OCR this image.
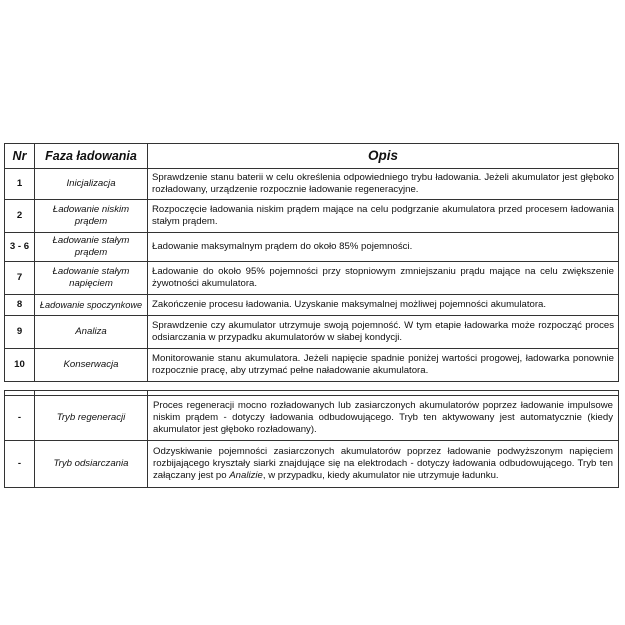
Nr	Faza ładowania	Opis
1	Inicjalizacja	Sprawdzenie stanu baterii w celu określenia odpowiedniego trybu ładowania. Jeżeli akumulator jest głęboko rozładowany, urządzenie rozpocznie ładowanie regeneracyjne.
2	Ładowanie niskim prądem	Rozpoczęcie ładowania niskim prądem mające na celu podgrzanie akumulatora przed procesem ładowania stałym prądem.
3 - 6	Ładowanie stałym prądem	Ładowanie maksymalnym prądem do około 85% pojemności.
7	Ładowanie stałym napięciem	Ładowanie do około 95% pojemności przy stopniowym zmniejszaniu prądu mające na celu zwiększenie żywotności akumulatora.
8	Ładowanie spoczynkowe	Zakończenie procesu ładowania. Uzyskanie maksymalnej możliwej pojemności akumulatora.
9	Analiza	Sprawdzenie czy akumulator utrzymuje swoją pojemność. W tym etapie ładowarka może rozpocząć proces odsiarczania w przypadku akumulatorów w słabej kondycji.
10	Konserwacja	Monitorowanie stanu akumulatora. Jeżeli napięcie spadnie poniżej wartości progowej, ładowarka ponownie rozpocznie pracę, aby utrzymać pełne naładowanie akumulatora.

-	Tryb regeneracji	Proces regeneracji mocno rozładowanych lub zasiarczonych akumulatorów poprzez ładowanie impulsowe niskim prądem - dotyczy ładowania odbudowującego. Tryb ten aktywowany jest automatycznie (kiedy akumulator jest głęboko rozładowany).
-	Tryb odsiarczania	Odzyskiwanie pojemności zasiarczonych akumulatorów poprzez ładowanie podwyższonym napięciem rozbijającego kryształy siarki znajdujące się na elektrodach - dotyczy ładowania odbudowującego. Tryb ten załączany jest po Analizie, w przypadku, kiedy akumulator nie utrzymuje ładunku.
